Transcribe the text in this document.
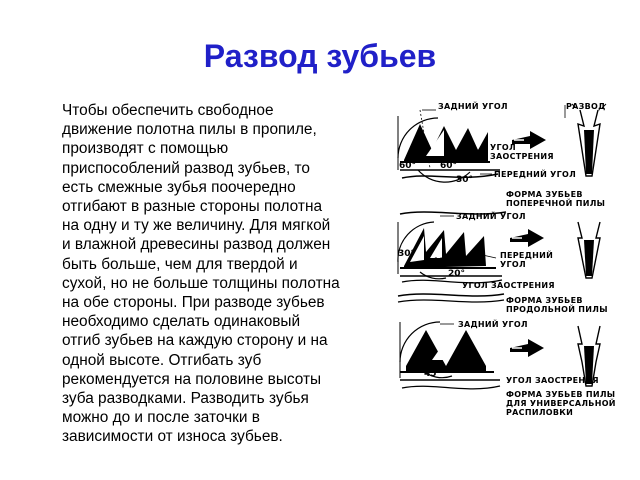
Развод зубьев
Чтобы обеспечить свободное
движение полотна пилы в пропиле,
производят с помощью
приспособлений развод зубьев, то
есть смежные зубья поочередно
отгибают в разные стороны полотна
на одну и ту же величину. Для мягкой
и влажной древесины развод должен
быть больше, чем для твердой и
сухой, но не больше толщины полотна
на обе стороны. При разводе зубьев
необходимо сделать одинаковый
отгиб зубьев на каждую сторону и на
одной высоте. Отгибать зуб
рекомендуется на половине высоты
зуба разводками. Разводить зубья
можно до и после заточки в
зависимости от износа зубьев.
ЗАДНИЙ УГОЛ	РАЗВОД
УГОЛ
ЗАОСТРЕНИЯ
ПЕРЕДНИЙ УГОЛ
ФОРМА ЗУБЬЕВ
ПОПЕРЕЧНОЙ ПИЛЫ
ЗАДНИЙ УГОЛ
ПЕРЕДНИЙ
УГОЛ
УГОЛ ЗАОСТРЕНИЯ
ФОРМА ЗУБЬЕВ
ПРОДОЛЬНОЙ ПИЛЫ
ЗАДНИЙ УГОЛ
УГОЛ ЗАОСТРЕНИЯ
ФОРМА ЗУБЬЕВ ПИЛЫ
ДЛЯ УНИВЕРСАЛЬНОЙ
РАСПИЛОВКИ
60°	60°
30°
30°
40°
20°
45°
